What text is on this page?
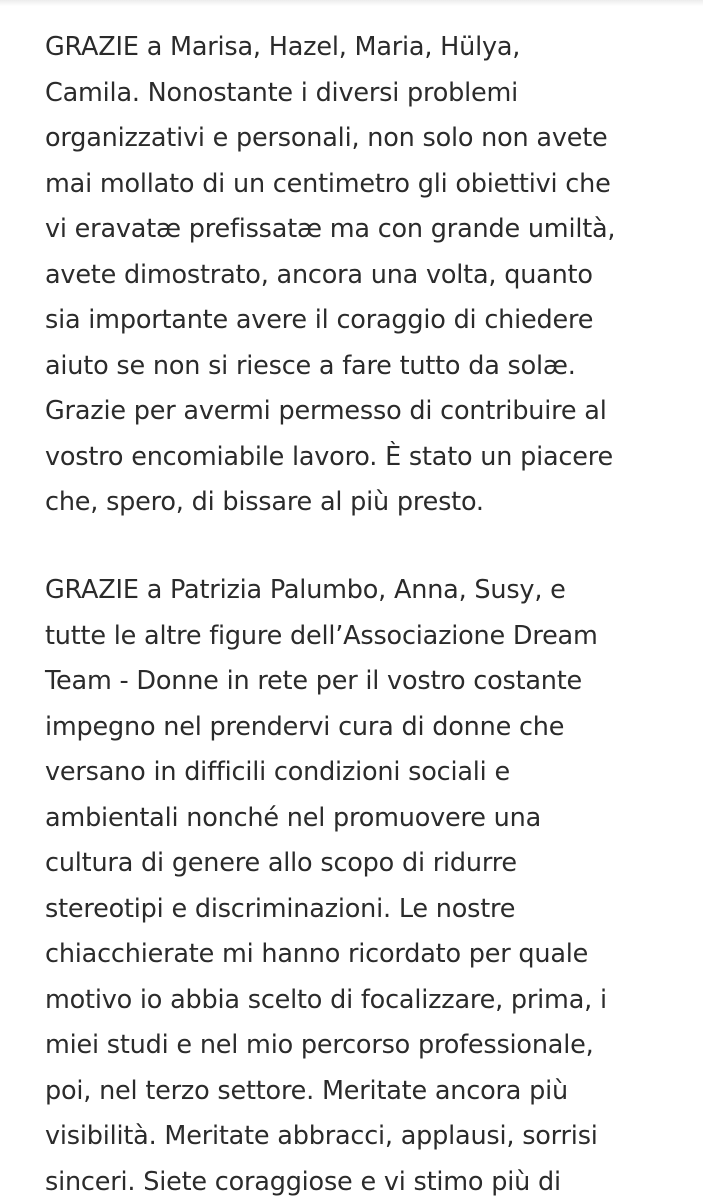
GRAZIE a Marisa, Hazel, Maria, Hülya,
Camila. Nonostante i diversi problemi
organizzativi e personali, non solo non avete
mai mollato di un centimetro gli obiettivi che
vi eravatæ prefissatæ ma con grande umiltà,
avete dimostrato, ancora una volta, quanto
sia importante avere il coraggio di chiedere
aiuto se non si riesce a fare tutto da solæ.
Grazie per avermi permesso di contribuire al
vostro encomiabile lavoro. È stato un piacere
che, spero, di bissare al più presto.

GRAZIE a Patrizia Palumbo, Anna, Susy, e
tutte le altre figure dell’Associazione Dream
Team - Donne in rete per il vostro costante
impegno nel prendervi cura di donne che
versano in difficili condizioni sociali e
ambientali nonché nel promuovere una
cultura di genere allo scopo di ridurre
stereotipi e discriminazioni. Le nostre
chiacchierate mi hanno ricordato per quale
motivo io abbia scelto di focalizzare, prima, i
miei studi e nel mio percorso professionale,
poi, nel terzo settore. Meritate ancora più
visibilità. Meritate abbracci, applausi, sorrisi
sinceri. Siete coraggiose e vi stimo più di
